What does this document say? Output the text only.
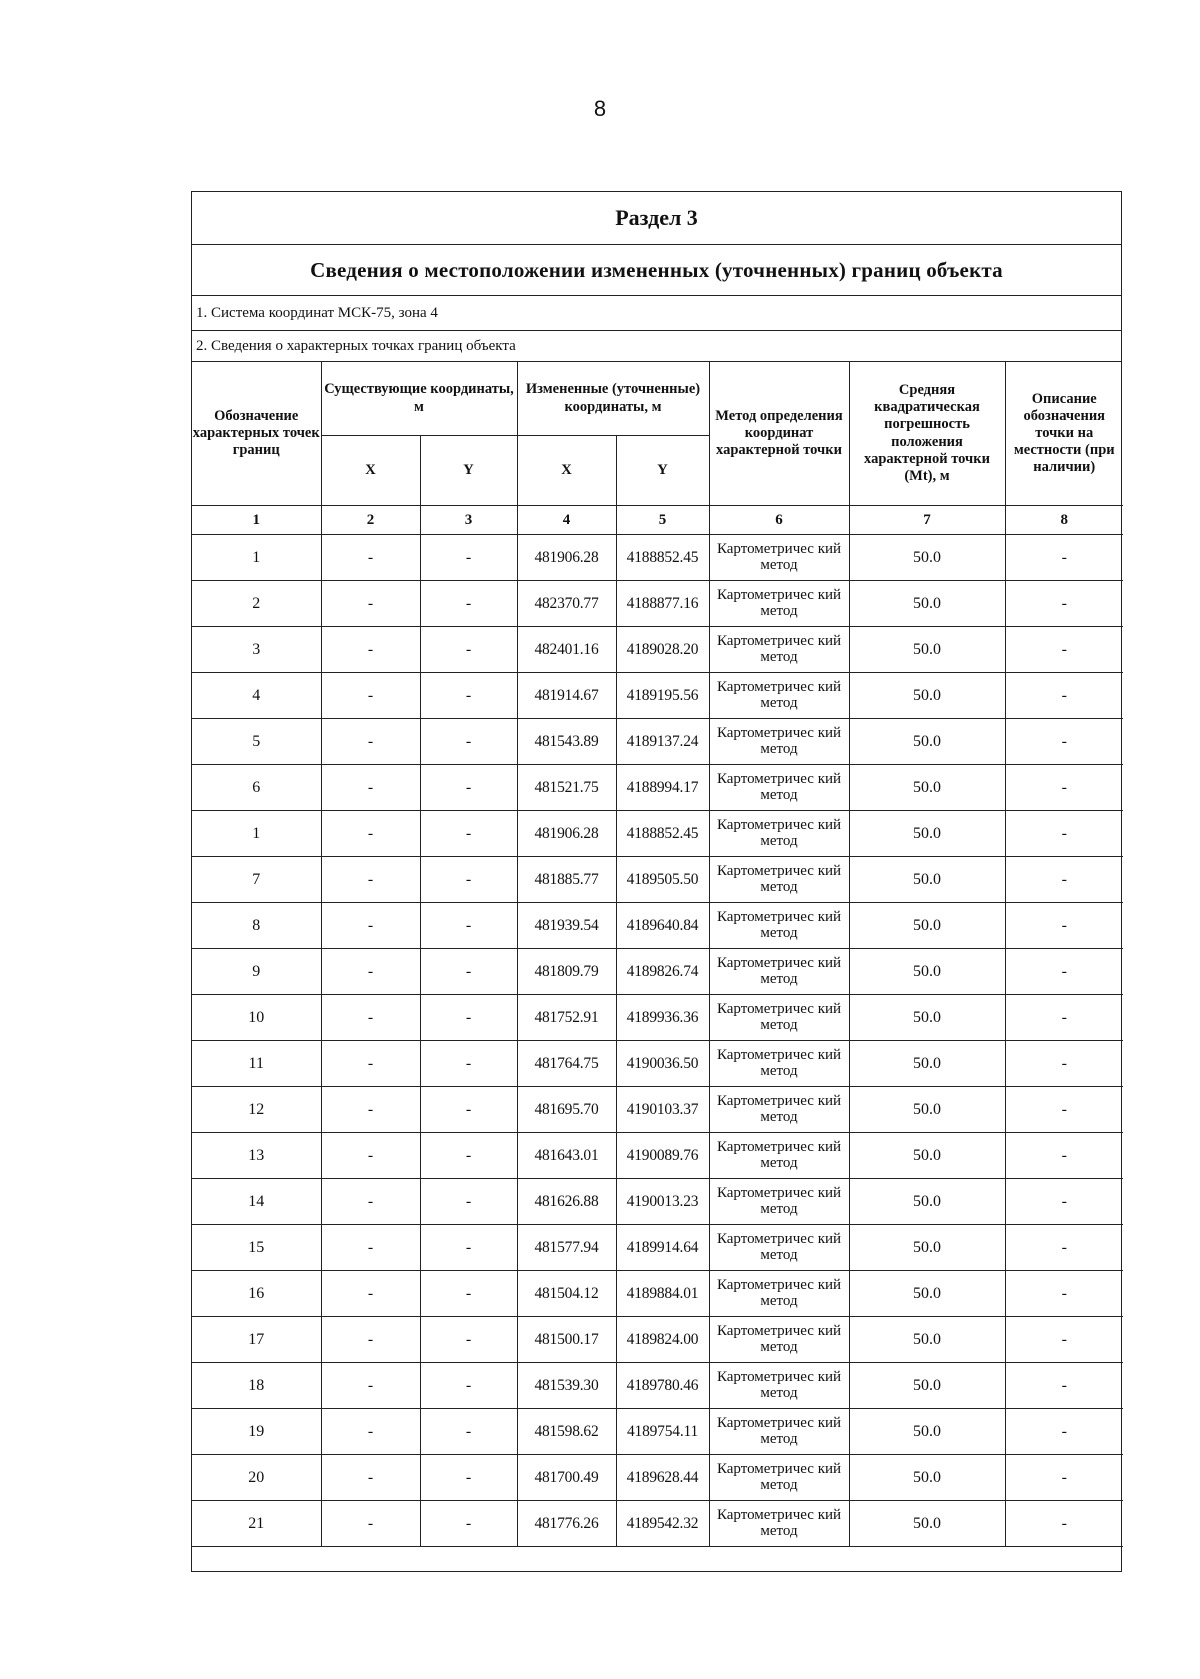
8
Раздел 3
Сведения о местоположении измененных (уточненных) границ объекта
1. Система координат МСК-75, зона 4
2. Сведения о характерных точках границ объекта
Обозначение характерных точек границ	Существующие координаты, м		Измененные (уточненные) координаты, м		Метод определения координат характерной точки	Средняя квадратическая погрешность положения характерной точки (Mt), м	Описание обозначения точки на местности (при наличии)
	X	Y	X	Y			
1	2	3	4	5	6	7	8
1	-	-	481906.28	4188852.45	Картометричес кий метод	50.0	-
2	-	-	482370.77	4188877.16	Картометричес кий метод	50.0	-
3	-	-	482401.16	4189028.20	Картометричес кий метод	50.0	-
4	-	-	481914.67	4189195.56	Картометричес кий метод	50.0	-
5	-	-	481543.89	4189137.24	Картометричес кий метод	50.0	-
6	-	-	481521.75	4188994.17	Картометричес кий метод	50.0	-
1	-	-	481906.28	4188852.45	Картометричес кий метод	50.0	-
7	-	-	481885.77	4189505.50	Картометричес кий метод	50.0	-
8	-	-	481939.54	4189640.84	Картометричес кий метод	50.0	-
9	-	-	481809.79	4189826.74	Картометричес кий метод	50.0	-
10	-	-	481752.91	4189936.36	Картометричес кий метод	50.0	-
11	-	-	481764.75	4190036.50	Картометричес кий метод	50.0	-
12	-	-	481695.70	4190103.37	Картометричес кий метод	50.0	-
13	-	-	481643.01	4190089.76	Картометричес кий метод	50.0	-
14	-	-	481626.88	4190013.23	Картометричес кий метод	50.0	-
15	-	-	481577.94	4189914.64	Картометричес кий метод	50.0	-
16	-	-	481504.12	4189884.01	Картометричес кий метод	50.0	-
17	-	-	481500.17	4189824.00	Картометричес кий метод	50.0	-
18	-	-	481539.30	4189780.46	Картометричес кий метод	50.0	-
19	-	-	481598.62	4189754.11	Картометричес кий метод	50.0	-
20	-	-	481700.49	4189628.44	Картометричес кий метод	50.0	-
21	-	-	481776.26	4189542.32	Картометричес кий метод	50.0	-
